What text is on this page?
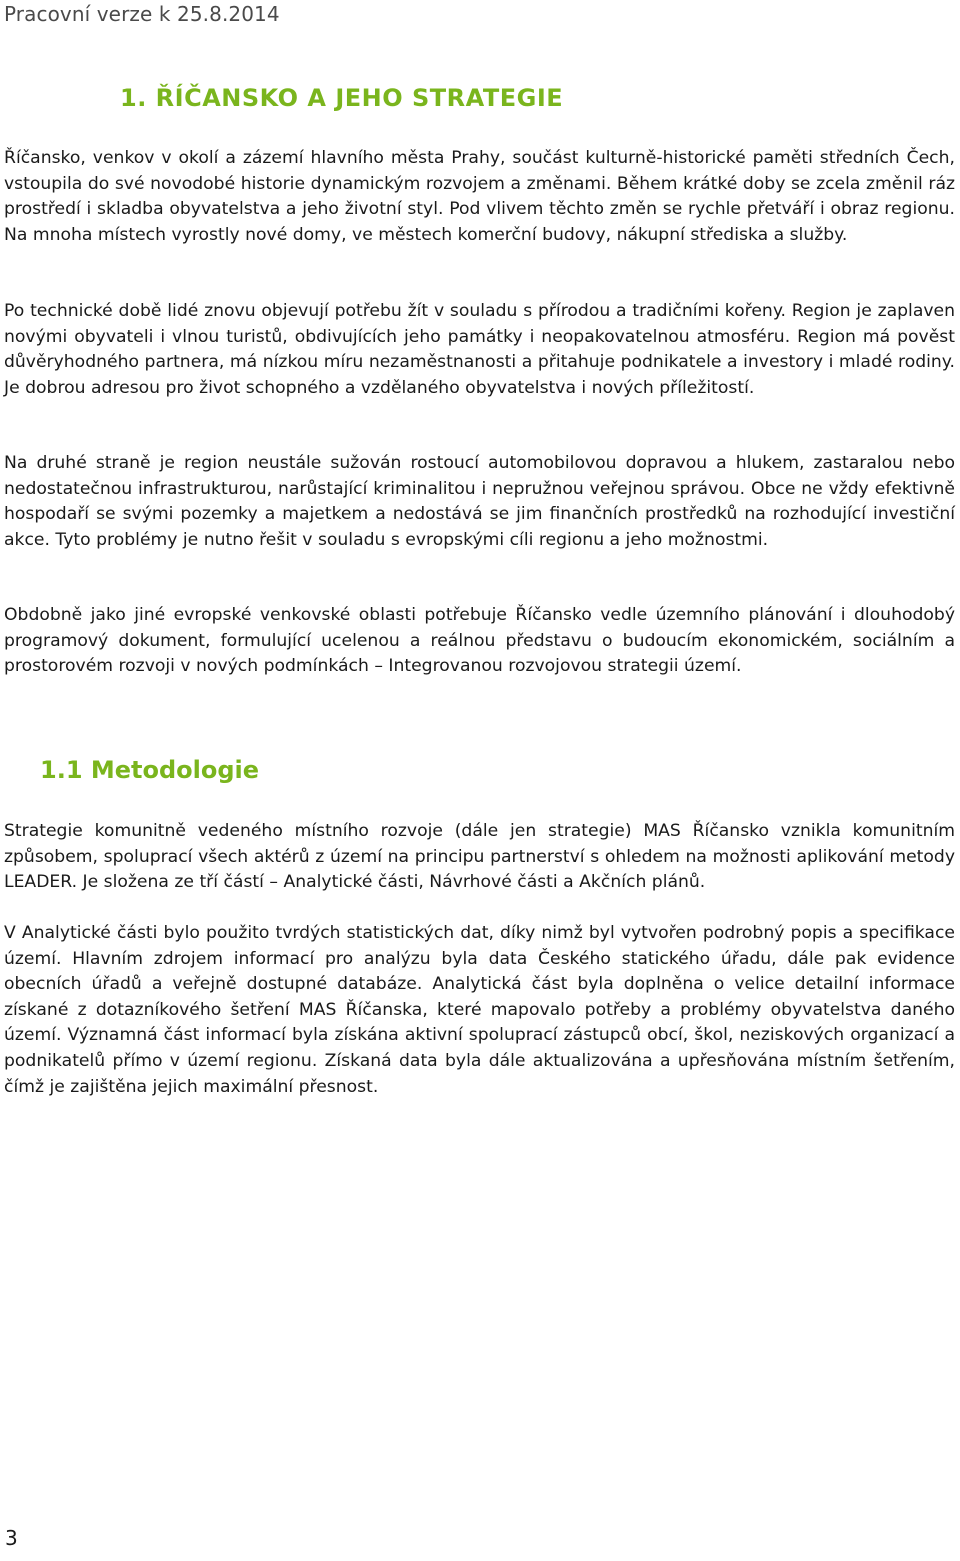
Pracovní verze k 25.8.2014
1. ŘÍČANSKO A JEHO STRATEGIE

Říčansko, venkov v okolí a zázemí hlavního města Prahy, součást kulturně-historické paměti středních Čech, vstoupila do své novodobé historie dynamickým rozvojem a změnami. Během krátké doby se zcela změnil ráz prostředí i skladba obyvatelstva a jeho životní styl. Pod vlivem těchto změn se rychle přetváří i obraz regionu. Na mnoha místech vyrostly nové domy, ve městech komerční budovy, nákupní střediska a služby.

Po technické době lidé znovu objevují potřebu žít v souladu s přírodou a tradičními kořeny. Region je zaplaven novými obyvateli i vlnou turistů, obdivujících jeho památky i neopakovatelnou atmosféru. Region má pověst důvěryhodného partnera, má nízkou míru nezaměstnanosti a přitahuje podnikatele a investory i mladé rodiny. Je dobrou adresou pro život schopného a vzdělaného obyvatelstva i nových příležitostí.

Na druhé straně je region neustále sužován rostoucí automobilovou dopravou a hlukem, zastaralou nebo nedostatečnou infrastrukturou, narůstající kriminalitou i nepružnou veřejnou správou. Obce ne vždy efektivně hospodaří se svými pozemky a majetkem a nedostává se jim finančních prostředků na rozhodující investiční akce. Tyto problémy je nutno řešit v souladu s evropskými cíli regionu a jeho možnostmi.

Obdobně jako jiné evropské venkovské oblasti potřebuje Říčansko vedle územního plánování i dlouhodobý programový dokument, formulující ucelenou a reálnou představu o budoucím ekonomickém, sociálním a prostorovém rozvoji v nových podmínkách – Integrovanou rozvojovou strategii území.

1.1 Metodologie

Strategie komunitně vedeného místního rozvoje (dále jen strategie) MAS Říčansko vznikla komunitním způsobem, spoluprací všech aktérů z území na principu partnerství s ohledem na možnosti aplikování metody LEADER. Je složena ze tří částí – Analytické části, Návrhové části a Akčních plánů.

V Analytické části bylo použito tvrdých statistických dat, díky nimž byl vytvořen podrobný popis a specifikace území. Hlavním zdrojem informací pro analýzu byla data Českého statického úřadu, dále pak evidence obecních úřadů a veřejně dostupné databáze. Analytická část byla doplněna o velice detailní informace získané z dotazníkového šetření MAS Říčanska, které mapovalo potřeby a problémy obyvatelstva daného území. Významná část informací byla získána aktivní spoluprací zástupců obcí, škol, neziskových organizací a podnikatelů přímo v území regionu. Získaná data byla dále aktualizována a upřesňována místním šetřením, čímž je zajištěna jejich maximální přesnost.

3
